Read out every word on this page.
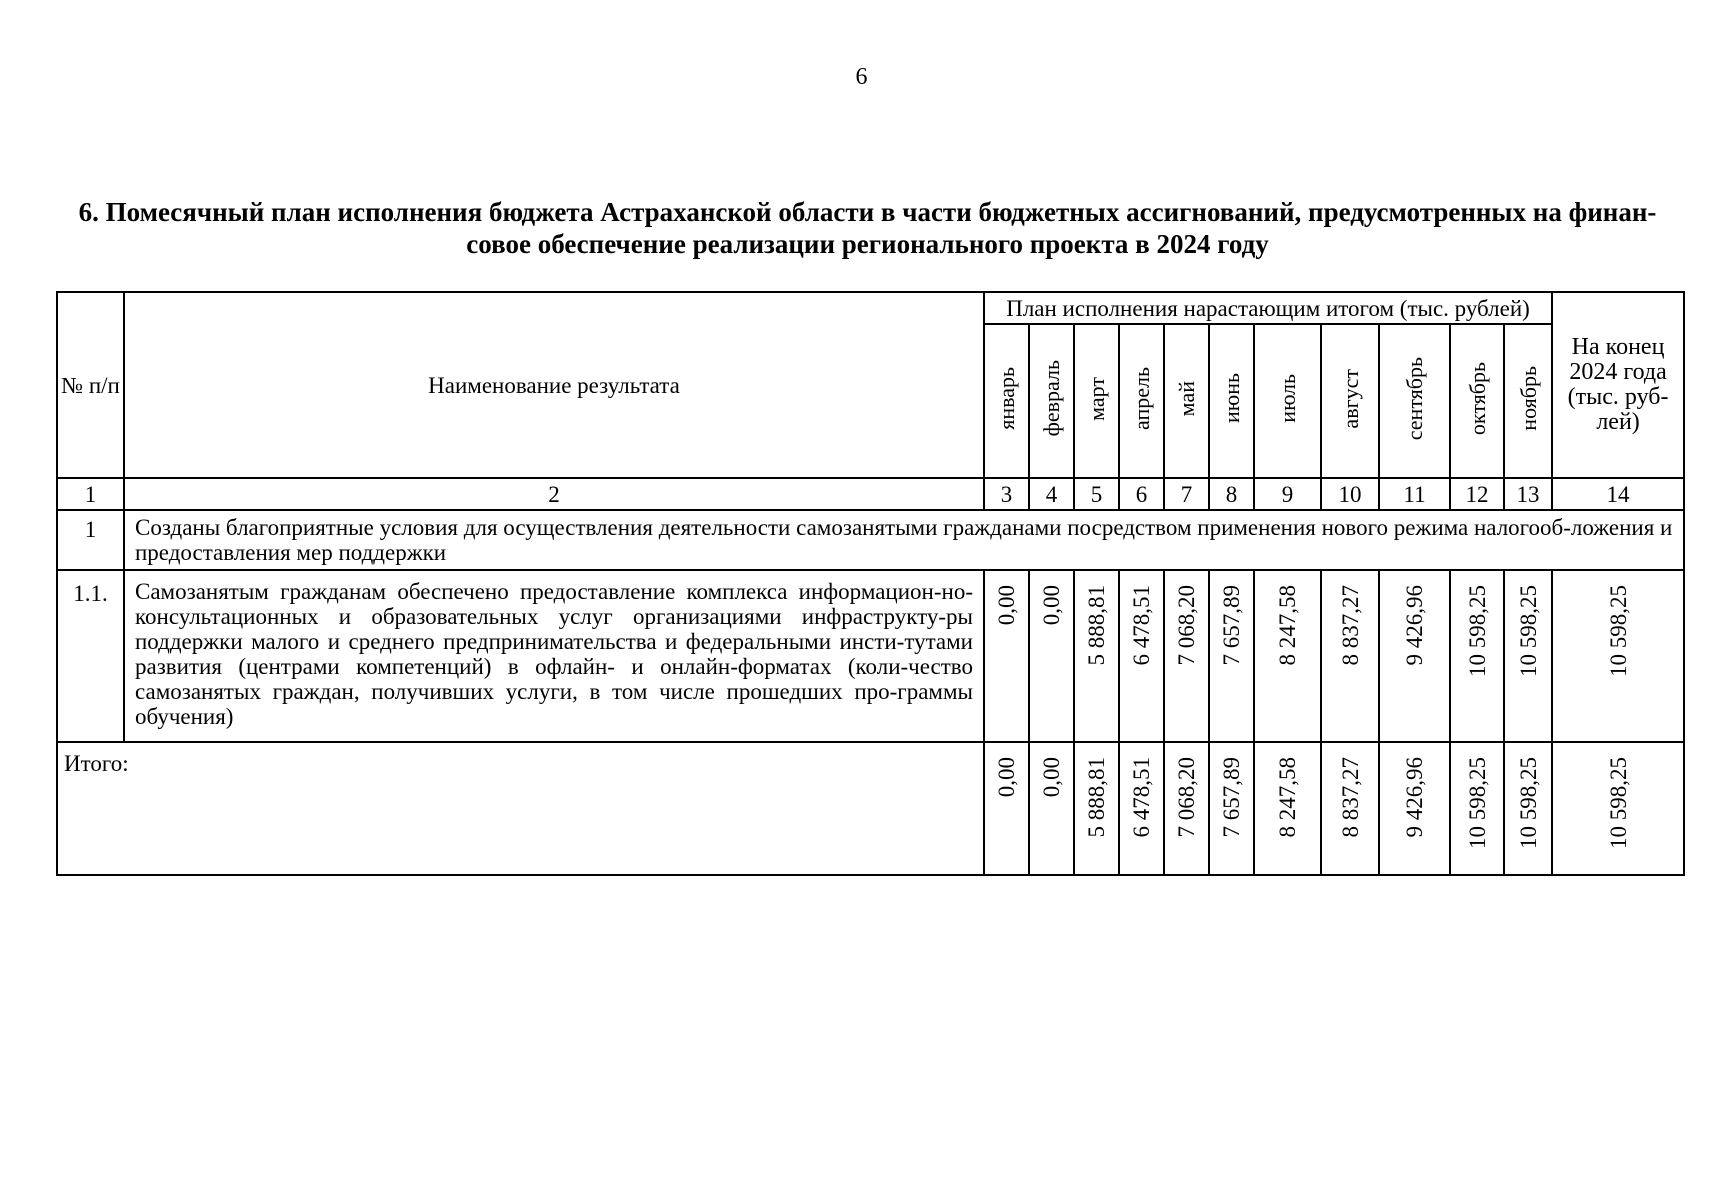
6
6. Помесячный план исполнения бюджета Астраханской области в части бюджетных ассигнований, предусмотренных на финан-
совое обеспечение реализации регионального проекта в 2024 году
№ п/п	Наименование результата	План исполнения нарастающим итогом (тыс. рублей)											На конец 2024 года (тыс. руб-лей)
		январь	февраль	март	апрель	май	июнь	июль	август	сентябрь	октябрь	ноябрь	
1	2	3	4	5	6	7	8	9	10	11	12	13	14
1	Созданы благоприятные условия для осуществления деятельности самозанятыми гражданами посредством применения нового режима налогооб-ложения и предоставления мер поддержки												
1.1.	Самозанятым гражданам обеспечено предоставление комплекса информацион-но-консультационных и образовательных услуг организациями инфраструкту-ры поддержки малого и среднего предпринимательства и федеральными инсти-тутами развития (центрами компетенций) в офлайн- и онлайн-форматах (коли-чество самозанятых граждан, получивших услуги, в том числе прошедших про-граммы обучения)	0,00	0,00	5 888,81	6 478,51	7 068,20	7 657,89	8 247,58	8 837,27	9 426,96	10 598,25	10 598,25	10 598,25
Итого:		0,00	0,00	5 888,81	6 478,51	7 068,20	7 657,89	8 247,58	8 837,27	9 426,96	10 598,25	10 598,25	10 598,25
